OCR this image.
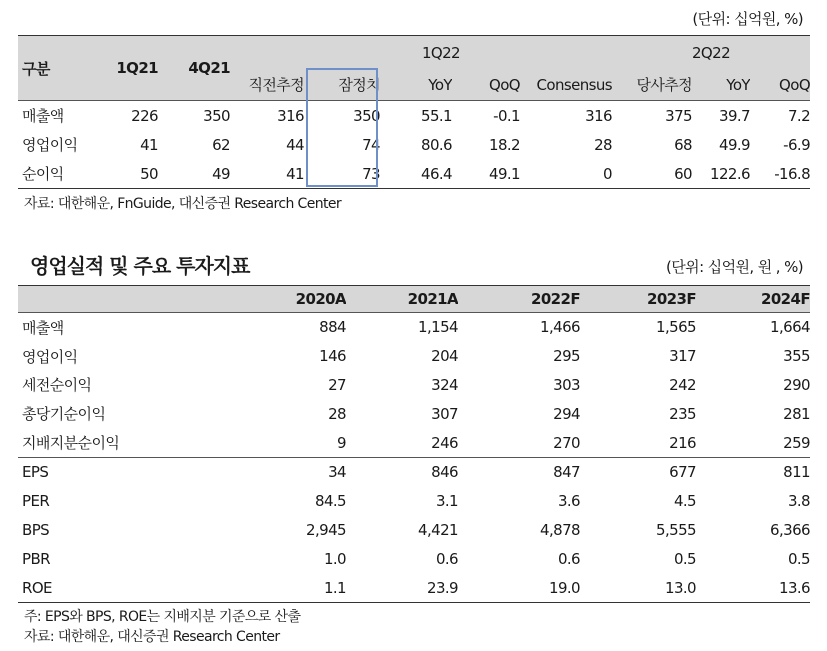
(단위: 십억원, %)
구분	1Q21	4Q21	1Q22					2Q22		
			직전추정	잠정치	YoY	QoQ	Consensus	당사추정	YoY	QoQ
매출액	226	350	316	350	55.1	-0.1	316	375	39.7	7.2
영업이익	41	62	44	74	80.6	18.2	28	68	49.9	-6.9
순이익	50	49	41	73	46.4	49.1	0	60	122.6	-16.8
자료: 대한해운, FnGuide, 대신증권 Research Center
영업실적 및 주요 투자지표	(단위: 십억원, 원 , %)
	2020A	2021A	2022F	2023F	2024F
매출액	884	1,154	1,466	1,565	1,664
영업이익	146	204	295	317	355
세전순이익	27	324	303	242	290
총당기순이익	28	307	294	235	281
지배지분순이익	9	246	270	216	259
EPS	34	846	847	677	811
PER	84.5	3.1	3.6	4.5	3.8
BPS	2,945	4,421	4,878	5,555	6,366
PBR	1.0	0.6	0.6	0.5	0.5
ROE	1.1	23.9	19.0	13.0	13.6
주: EPS와 BPS, ROE는 지배지분 기준으로 산출
자료: 대한해운, 대신증권 Research Center
